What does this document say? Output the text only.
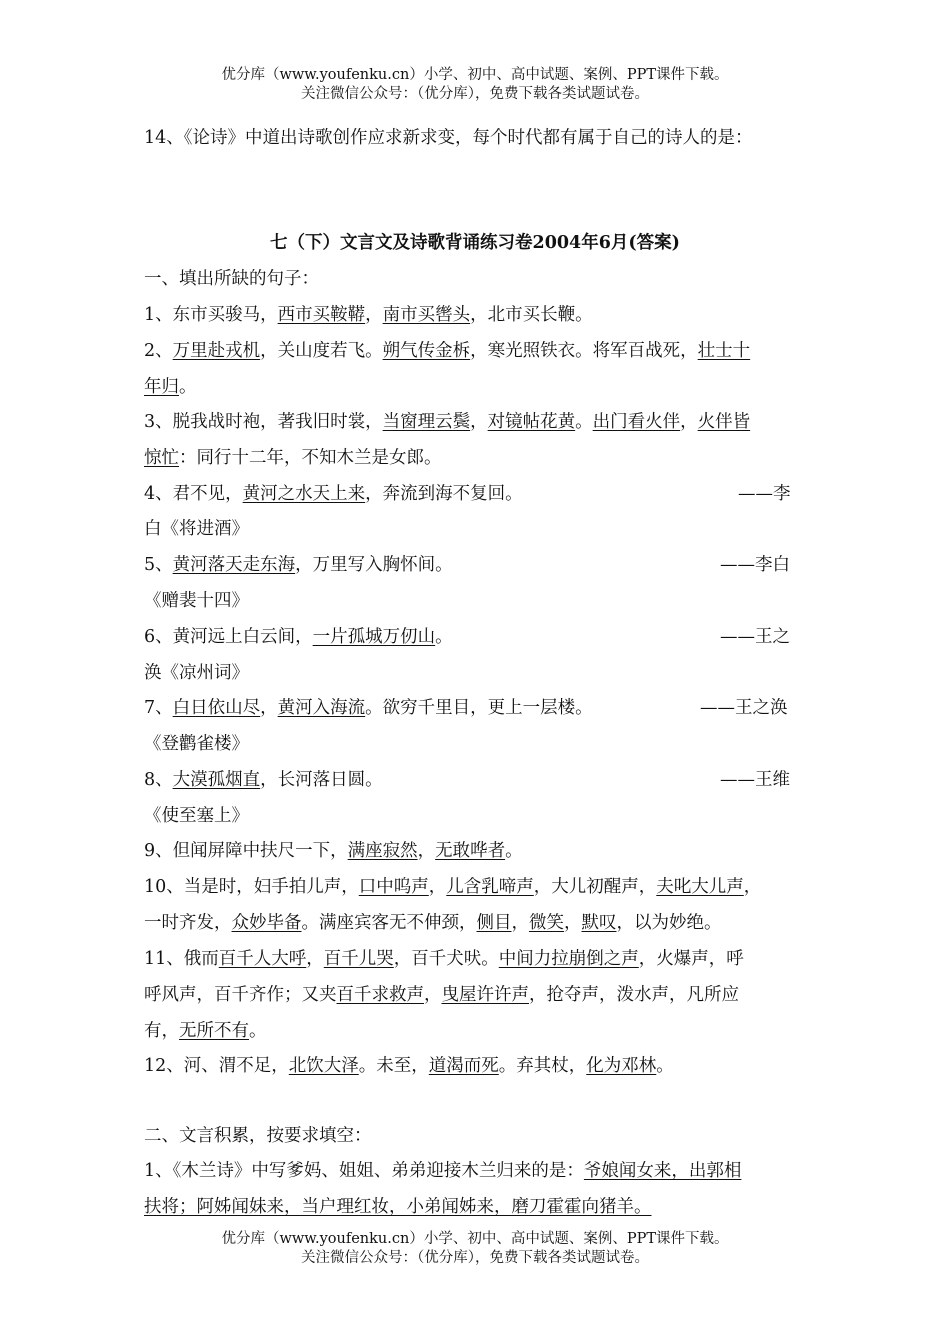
优分库（www.youfenku.cn）小学、初中、高中试题、案例、PPT课件下载。
关注微信公众号：（优分库），免费下载各类试题试卷。
14、《论诗》中道出诗歌创作应求新求变，每个时代都有属于自己的诗人的是：
七（下）文言文及诗歌背诵练习卷2004年6月(答案)
一、填出所缺的句子：
1、东市买骏马，西市买鞍鞯，南市买辔头，北市买长鞭。
2、万里赴戎机，关山度若飞。朔气传金柝，寒光照铁衣。将军百战死，壮士十
年归。
3、脱我战时袍，著我旧时裳，当窗理云鬓，对镜帖花黄。出门看火伴，火伴皆
惊忙：同行十二年，不知木兰是女郎。
4、君不见，黄河之水天上来，奔流到海不复回。	——李
白《将进酒》
5、黄河落天走东海，万里写入胸怀间。	——李白
《赠裴十四》
6、黄河远上白云间，一片孤城万仞山。	——王之
涣《凉州词》
7、白日依山尽，黄河入海流。欲穷千里目，更上一层楼。	——王之涣
《登鹳雀楼》
8、大漠孤烟直，长河落日圆。	——王维
《使至塞上》
9、但闻屏障中扶尺一下，满座寂然，无敢哗者。
10、当是时，妇手拍儿声，口中呜声，儿含乳啼声，大儿初醒声，夫叱大儿声，
一时齐发，众妙毕备。满座宾客无不伸颈，侧目，微笑，默叹，以为妙绝。
11、俄而百千人大呼，百千儿哭，百千犬吠。中间力拉崩倒之声，火爆声，呼
呼风声，百千齐作；又夹百千求救声，曳屋许许声，抢夺声，泼水声，凡所应
有，无所不有。
12、河、渭不足，北饮大泽。未至，道渴而死。弃其杖，化为邓林。
二、文言积累，按要求填空：
1、《木兰诗》中写爹妈、姐姐、弟弟迎接木兰归来的是：爷娘闻女来，出郭相
扶将；阿姊闻妹来，当户理红妆，小弟闻姊来，磨刀霍霍向猪羊。
优分库（www.youfenku.cn）小学、初中、高中试题、案例、PPT课件下载。
关注微信公众号：（优分库），免费下载各类试题试卷。
